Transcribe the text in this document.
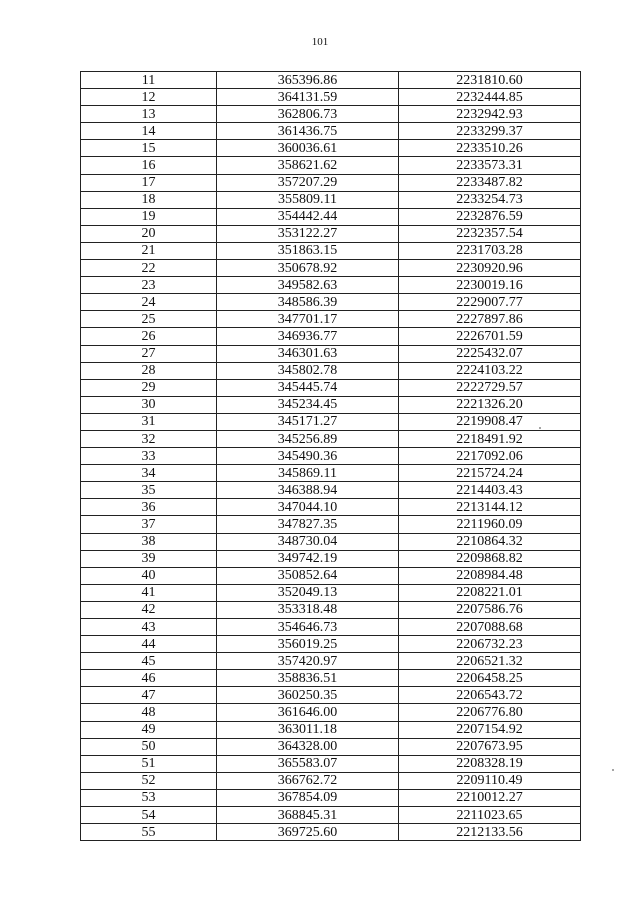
101
11	365396.86	2231810.60
12	364131.59	2232444.85
13	362806.73	2232942.93
14	361436.75	2233299.37
15	360036.61	2233510.26
16	358621.62	2233573.31
17	357207.29	2233487.82
18	355809.11	2233254.73
19	354442.44	2232876.59
20	353122.27	2232357.54
21	351863.15	2231703.28
22	350678.92	2230920.96
23	349582.63	2230019.16
24	348586.39	2229007.77
25	347701.17	2227897.86
26	346936.77	2226701.59
27	346301.63	2225432.07
28	345802.78	2224103.22
29	345445.74	2222729.57
30	345234.45	2221326.20
31	345171.27	2219908.47
32	345256.89	2218491.92
33	345490.36	2217092.06
34	345869.11	2215724.24
35	346388.94	2214403.43
36	347044.10	2213144.12
37	347827.35	2211960.09
38	348730.04	2210864.32
39	349742.19	2209868.82
40	350852.64	2208984.48
41	352049.13	2208221.01
42	353318.48	2207586.76
43	354646.73	2207088.68
44	356019.25	2206732.23
45	357420.97	2206521.32
46	358836.51	2206458.25
47	360250.35	2206543.72
48	361646.00	2206776.80
49	363011.18	2207154.92
50	364328.00	2207673.95
51	365583.07	2208328.19
52	366762.72	2209110.49
53	367854.09	2210012.27
54	368845.31	2211023.65
55	369725.60	2212133.56
